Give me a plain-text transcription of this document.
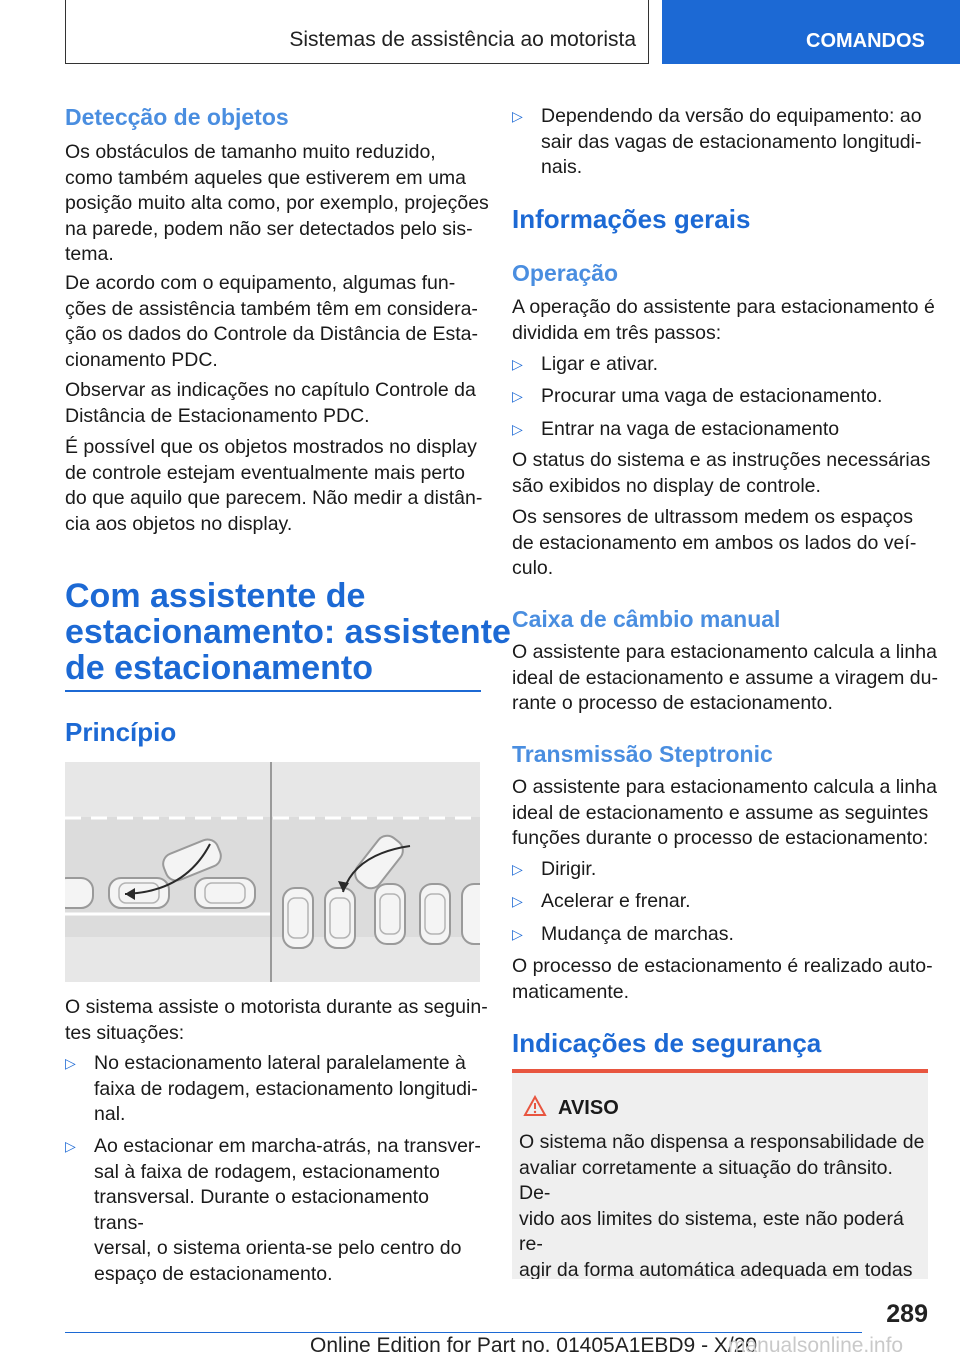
Sistemas de assistência ao motorista	COMANDOS
Detecção de objetos
Os obstáculos de tamanho muito reduzido,
como também aqueles que estiverem em uma
posição muito alta como, por exemplo, projeções
na parede, podem não ser detectados pelo sis-
tema.
De acordo com o equipamento, algumas fun-
ções de assistência também têm em considera-
ção os dados do Controle da Distância de Esta-
cionamento PDC.
Observar as indicações no capítulo Controle da
Distância de Estacionamento PDC.
É possível que os objetos mostrados no display
de controle estejam eventualmente mais perto
do que aquilo que parecem. Não medir a distân-
cia aos objetos no display.
Com assistente de
estacionamento: assistente
de estacionamento
Princípio
O sistema assiste o motorista durante as seguin-
tes situações:
▷ No estacionamento lateral paralelamente à
faixa de rodagem, estacionamento longitudi-
nal.
▷ Ao estacionar em marcha-atrás, na transver-
sal à faixa de rodagem, estacionamento
transversal. Durante o estacionamento trans-
versal, o sistema orienta-se pelo centro do
espaço de estacionamento.
▷ Dependendo da versão do equipamento: ao
sair das vagas de estacionamento longitudi-
nais.
Informações gerais
Operação
A operação do assistente para estacionamento é
dividida em três passos:
▷ Ligar e ativar.
▷ Procurar uma vaga de estacionamento.
▷ Entrar na vaga de estacionamento
O status do sistema e as instruções necessárias
são exibidos no display de controle.
Os sensores de ultrassom medem os espaços
de estacionamento em ambos os lados do veí-
culo.
Caixa de câmbio manual
O assistente para estacionamento calcula a linha
ideal de estacionamento e assume a viragem du-
rante o processo de estacionamento.
Transmissão Steptronic
O assistente para estacionamento calcula a linha
ideal de estacionamento e assume as seguintes
funções durante o processo de estacionamento:
▷ Dirigir.
▷ Acelerar e frenar.
▷ Mudança de marchas.
O processo de estacionamento é realizado auto-
maticamente.
Indicações de segurança
AVISO
O sistema não dispensa a responsabilidade de
avaliar corretamente a situação do trânsito. De-
vido aos limites do sistema, este não poderá re-
agir da forma automática adequada em todas
289
Online Edition for Part no. 01405A1EBD9 - X/20
manualsonline.info
